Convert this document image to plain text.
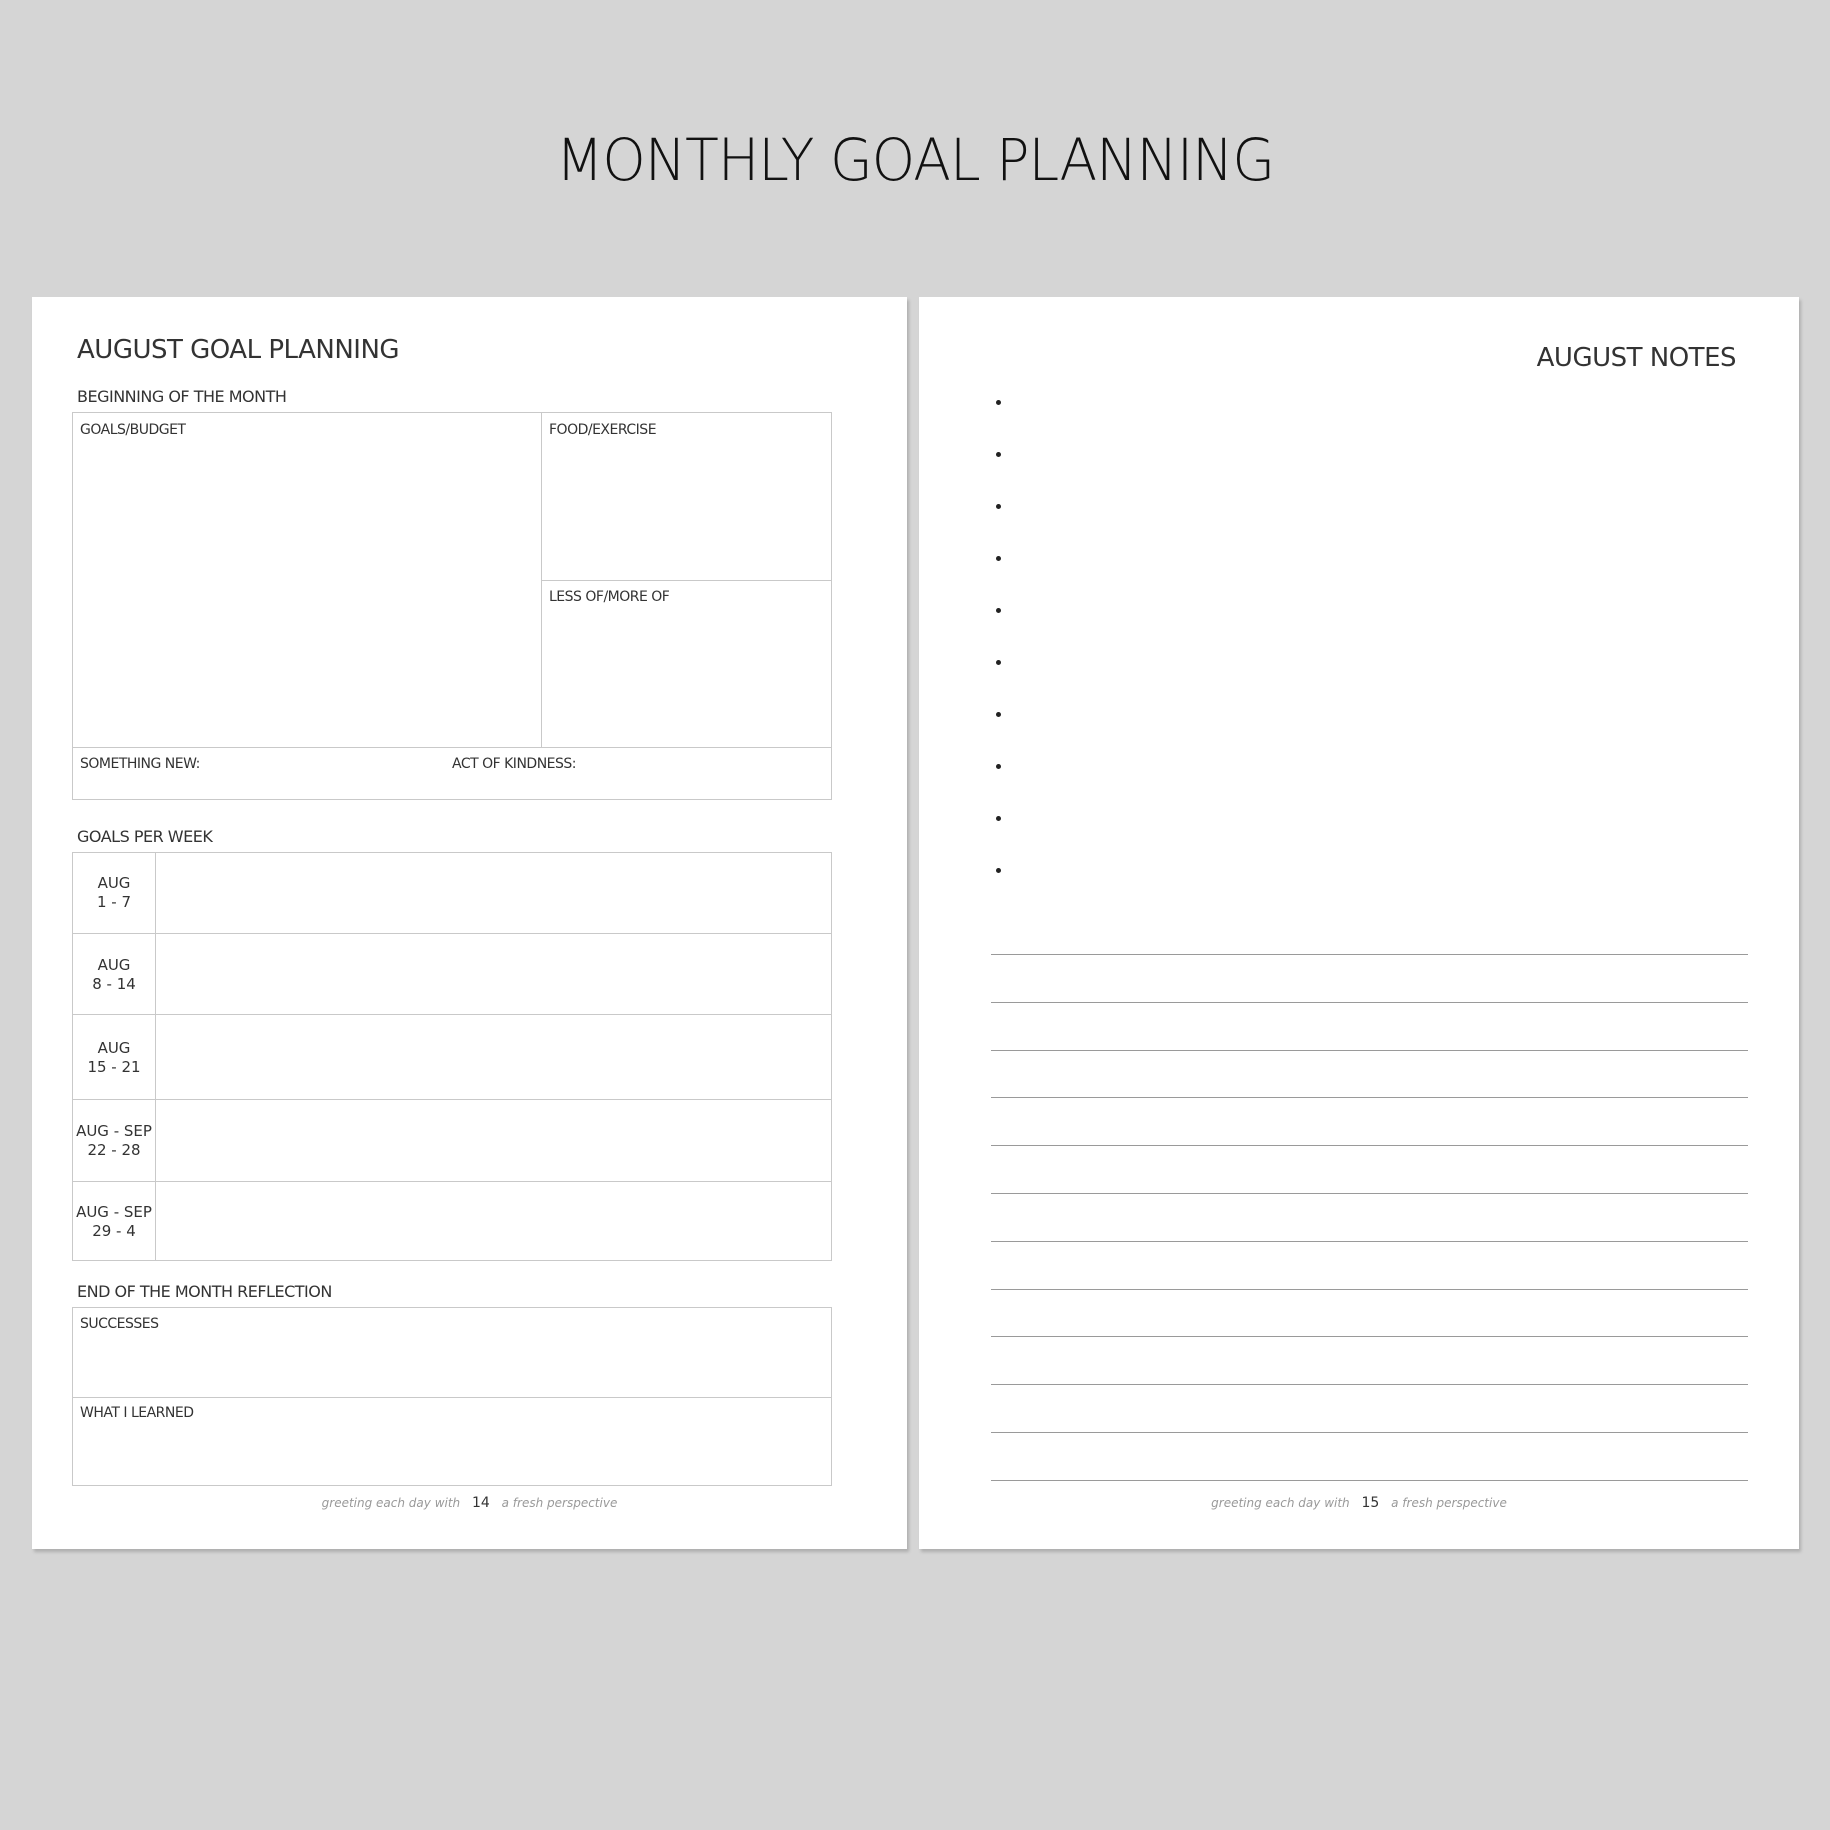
MONTHLY GOAL PLANNING
AUGUST GOAL PLANNING
BEGINNING OF THE MONTH
GOALS/BUDGET	FOOD/EXERCISE
LESS OF/MORE OF
SOMETHING NEW:	ACT OF KINDNESS:
GOALS PER WEEK
AUG
1 - 7
AUG
8 - 14
AUG
15 - 21
AUG - SEP
22 - 28
AUG - SEP
29 - 4
END OF THE MONTH REFLECTION
SUCCESSES
WHAT I LEARNED
greeting each day with 14 a fresh perspective
AUGUST NOTES
greeting each day with 15 a fresh perspective
